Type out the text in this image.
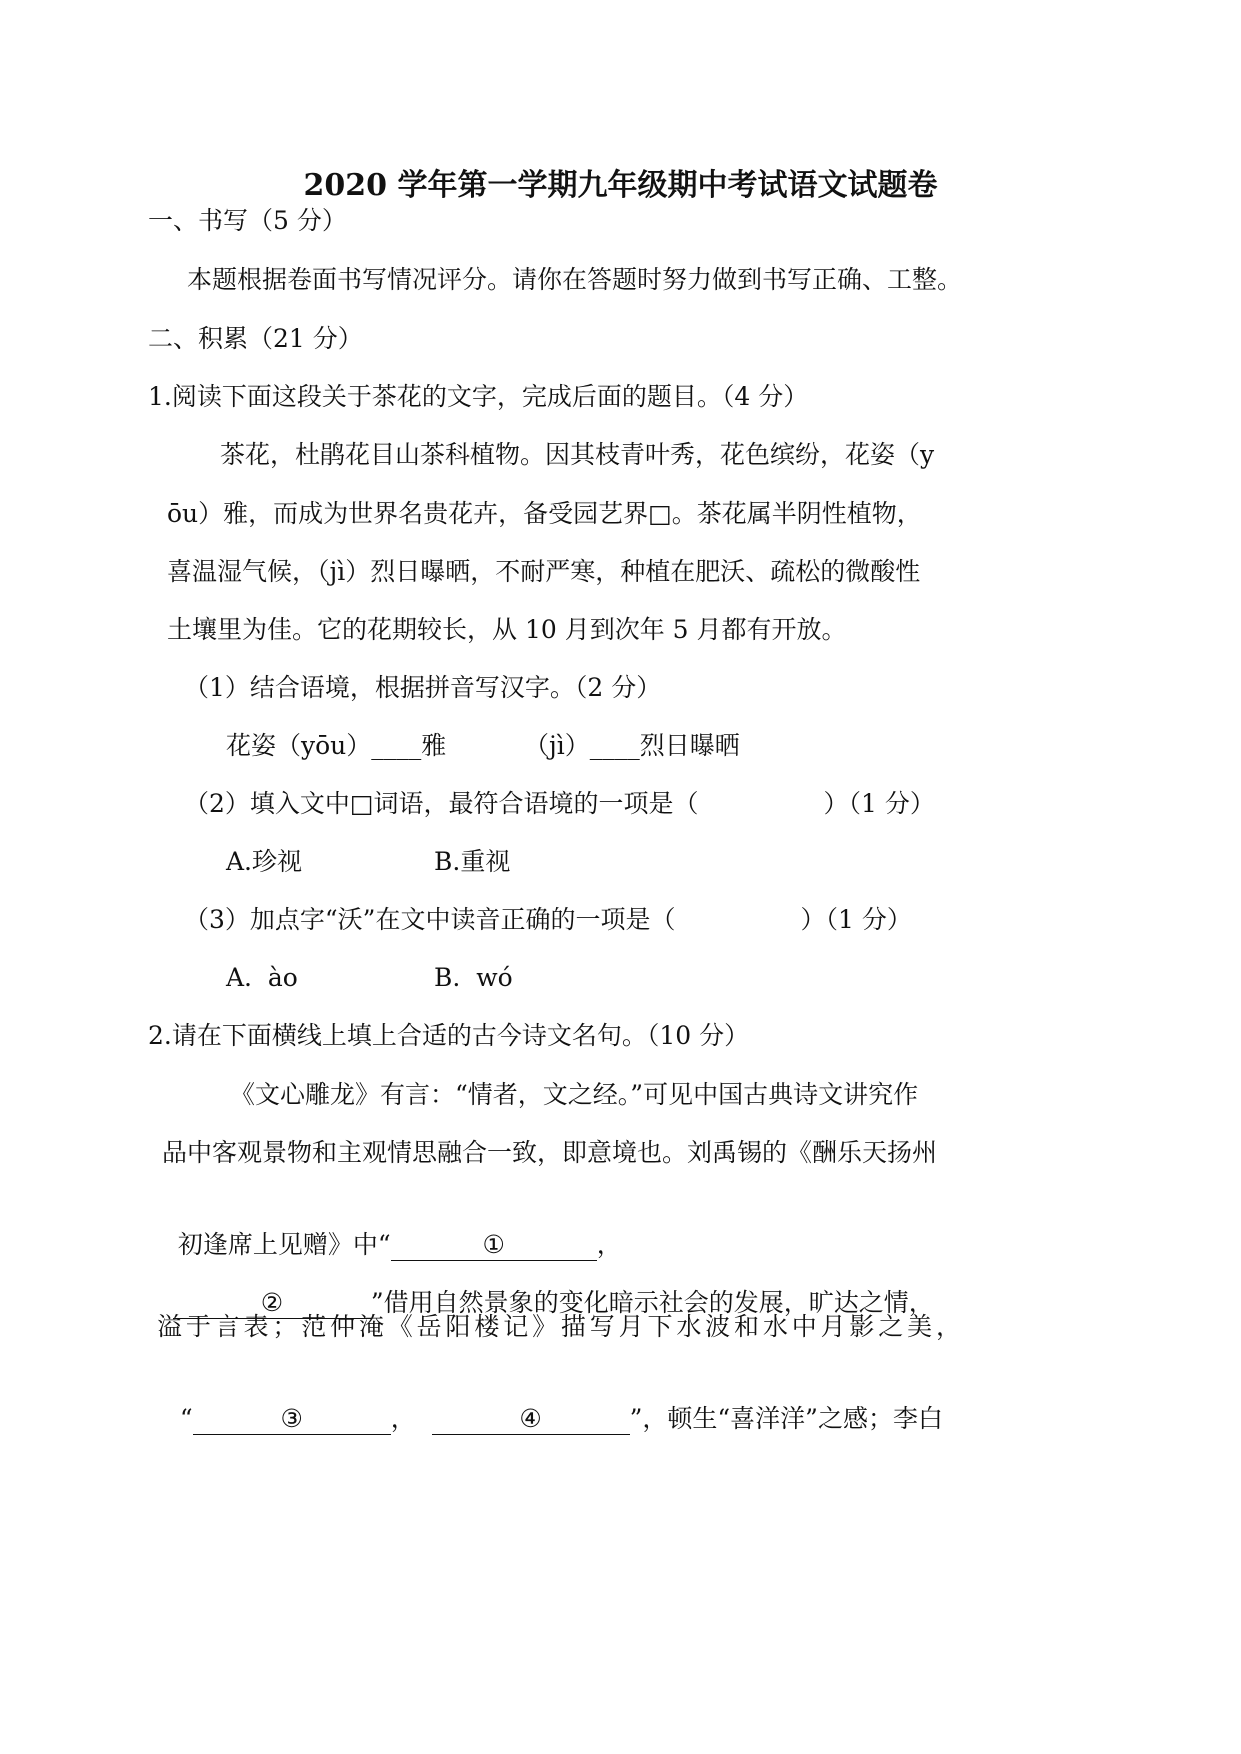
2020 学年第一学期九年级期中考试语文试题卷
一、书写（5 分）
本题根据卷面书写情况评分。请你在答题时努力做到书写正确、工整。
二、积累（21 分）
1.阅读下面这段关于茶花的文字，完成后面的题目。（4 分）
茶花，杜鹃花目山茶科植物。因其枝青叶秀，花色缤纷，花姿（y
ōu）雅，而成为世界名贵花卉，备受园艺界□。茶花属半阴性植物，
喜温湿气候，（jì）烈日曝晒，不耐严寒，种植在肥沃、疏松的微酸性
土壤里为佳。它的花期较长，从 10 月到次年 5 月都有开放。
（1）结合语境，根据拼音写汉字。（2 分）
花姿（yōu）____雅	（jì）____烈日曝晒
（2）填入文中□词语，最符合语境的一项是（　　　　　）（1 分）
A.珍视	B.重视
（3）加点字“沃”在文中读音正确的一项是（　　　　　）（1 分）
A.  ào	B.  wó
2.请在下面横线上填上合适的古今诗文名句。（10 分）
《文心雕龙》有言：“情者，文之经。”可见中国古典诗文讲究作
品中客观景物和主观情思融合一致，即意境也。刘禹锡的《酬乐天扬州

初逢席上见赠》中“	①	，

②	”借用自然景象的变化暗示社会的发展，旷达之情，

溢于言表；范仲淹《岳阳楼记》描写月下水波和水中月影之美，

“	③	，	④	”，顿生“喜洋洋”之感；李白
